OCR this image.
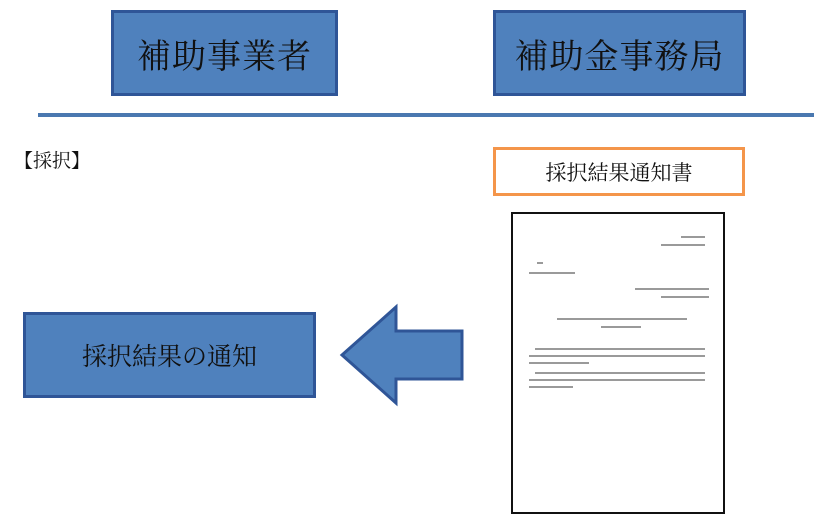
補助事業者	補助金事務局
【採択】	採択結果通知書
採択結果の通知
